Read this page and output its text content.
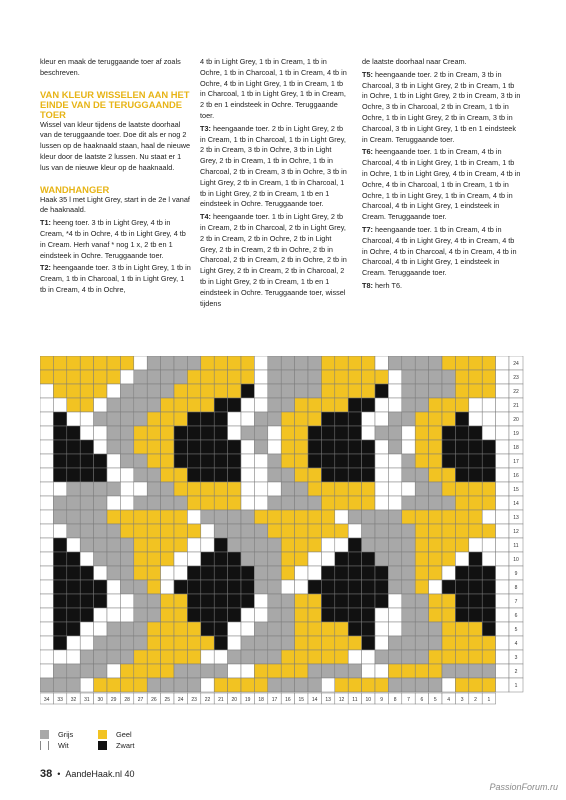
kleur en maak de teruggaande toer af zoals beschreven.

VAN KLEUR WISSELEN AAN HET EINDE VAN DE TERUGGAANDE TOER

Wissel van kleur tijdens de laatste doorhaal van de teruggaande toer. Doe dit als er nog 2 lussen op de haaknaald staan, haal de nieuwe kleur door de laatste 2 lussen. Nu staat er 1 lus van de nieuwe kleur op de haaknaald.

WANDHANGER

Haak 35 l met Light Grey, start in de 2e l vanaf de haaknaald.

T1: heeng toer. 3 tb in Light Grey, 4 tb in Cream, *4 tb in Ochre, 4 tb in Light Grey, 4 tb in Cream. Herh vanaf * nog 1 x, 2 tb en 1 eindsteek in Ochre. Teruggaande toer.

T2: heengaande toer. 3 tb in Light Grey, 1 tb in Cream, 1 tb in Charcoal, 1 tb in Light Grey, 1 tb in Cream, 4 tb in Ochre,

4 tb in Light Grey, 1 tb in Cream, 1 tb in Ochre, 1 tb in Charcoal, 1 tb in Cream, 4 tb in Ochre, 4 tb in Light Grey, 1 tb in Cream, 1 tb in Charcoal, 1 tb in Light Grey, 1 tb in Cream, 2 tb en 1 eindsteek in Ochre. Teruggaande toer.

T3: heengaande toer. 2 tb in Light Grey, 2 tb in Cream, 1 tb in Charcoal, 1 tb in Light Grey, 2 tb in Cream, 3 tb in Ochre, 3 tb in Light Grey, 2 tb in Cream, 1 tb in Ochre, 1 tb in Charcoal, 2 tb in Cream, 3 tb in Ochre, 3 tb in Light Grey, 2 tb in Cream, 1 tb in Charcoal, 1 tb in Light Grey, 2 tb in Cream, 1 tb en 1 eindsteek in Ochre. Teruggaande toer.

T4: heengaande toer. 1 tb in Light Grey, 2 tb in Cream, 2 tb in Charcoal, 2 tb in Light Grey, 2 tb in Cream, 2 tb in Ochre, 2 tb in Light Grey, 2 tb in Cream, 2 tb in Ochre, 2 tb in Charcoal, 2 tb in Cream, 2 tb in Ochre, 2 tb in Light Grey, 2 tb in Cream, 2 tb in Charcoal, 2 tb in Light Grey, 2 tb in Cream, 1 tb en 1 eindsteek in Ochre. Teruggaande toer, wissel tijdens

de laatste doorhaal naar Cream.

T5: heengaande toer. 2 tb in Cream, 3 tb in Charcoal, 3 tb in Light Grey, 2 tb in Cream, 1 tb in Ochre, 1 tb in Light Grey, 2 tb in Cream, 3 tb in Ochre, 3 tb in Charcoal, 2 tb in Cream, 1 tb in Ochre, 1 tb in Light Grey, 2 tb in Cream, 3 tb in Charcoal, 3 tb in Light Grey, 1 tb en 1 eindsteek in Cream. Teruggaande toer.

T6: heengaande toer. 1 tb in Cream, 4 tb in Charcoal, 4 tb in Light Grey, 1 tb in Cream, 1 tb in Ochre, 1 tb in Light Grey, 4 tb in Cream, 4 tb in Ochre, 4 tb in Charcoal, 1 tb in Cream, 1 tb in Ochre, 1 tb in Light Grey, 1 tb in Cream, 4 tb in Charcoal, 4 tb in Light Grey, 1 eindsteek in Cream. Teruggaande toer.

T7: heengaande toer. 1 tb in Cream, 4 tb in Charcoal, 4 tb in Light Grey, 4 tb in Cream, 4 tb in Ochre, 4 tb in Charcoal, 4 tb in Cream, 4 tb in Charcoal, 4 tb in Light Grey, 1 eindsteek in Cream. Teruggaande toer.

T8: herh T6.

34 33 32 31 30 29 28 27 26 25 24 23 22 21 20 19 18 17 16 15 14 13 12 11 10 9 8 7 6 5 4 3 2 1
24
23
22
21
20
19
18
17
16
15
14
13
12
11
10
9
8
7
6
5
4
3
2
1
Grijs
Wit
Geel
Zwart
38 • AandeHaak.nl 40
PassionForum.ru
